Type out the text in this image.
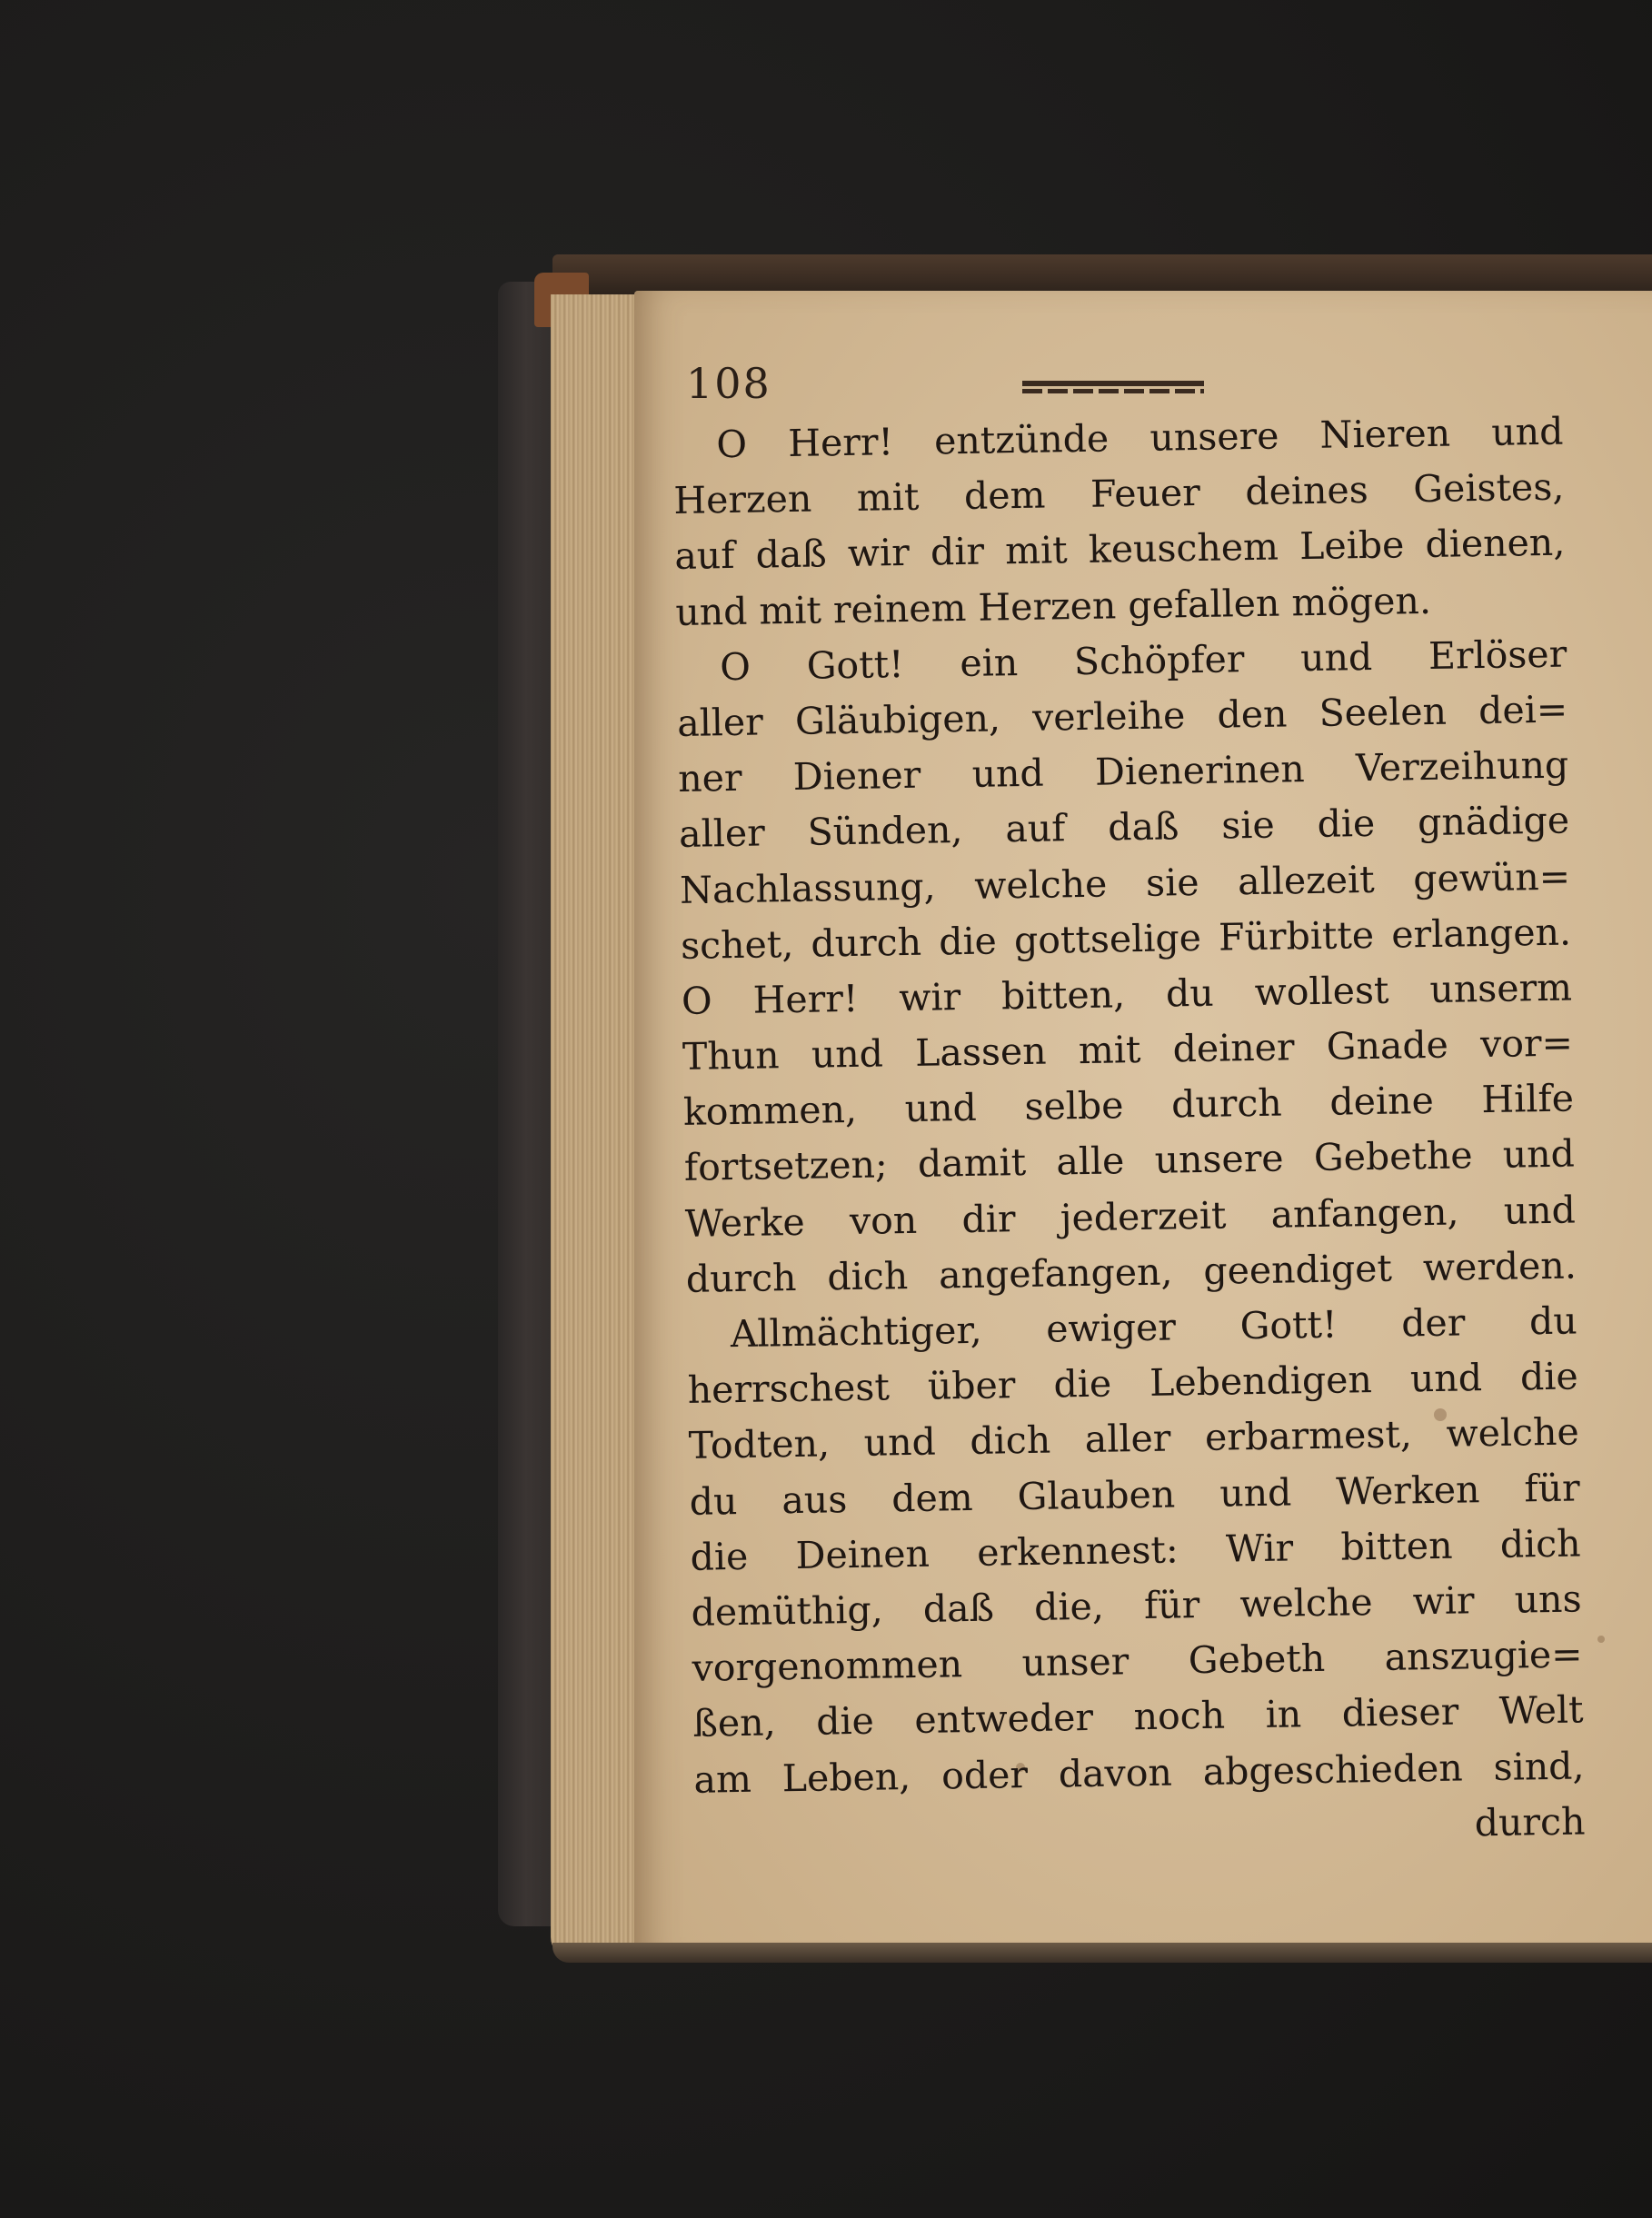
108
O Herr! entzünde unsere Nieren und
Herzen mit dem Feuer deines Geistes,
auf daß wir dir mit keuschem Leibe dienen,
und mit reinem Herzen gefallen mögen.
O Gott! ein Schöpfer und Erlöser
aller Gläubigen, verleihe den Seelen dei=
ner Diener und Dienerinen Verzeihung
aller Sünden, auf daß sie die gnädige
Nachlassung, welche sie allezeit gewün=
schet, durch die gottselige Fürbitte erlangen.
O Herr! wir bitten, du wollest unserm
Thun und Lassen mit deiner Gnade vor=
kommen, und selbe durch deine Hilfe
fortsetzen; damit alle unsere Gebethe und
Werke von dir jederzeit anfangen, und
durch dich angefangen, geendiget werden.
Allmächtiger, ewiger Gott! der du
herrschest über die Lebendigen und die
Todten, und dich aller erbarmest, welche
du aus dem Glauben und Werken für
die Deinen erkennest: Wir bitten dich
demüthig, daß die, für welche wir uns
vorgenommen unser Gebeth anszugie=
ßen, die entweder noch in dieser Welt
am Leben, oder davon abgeschieden sind,
durch
